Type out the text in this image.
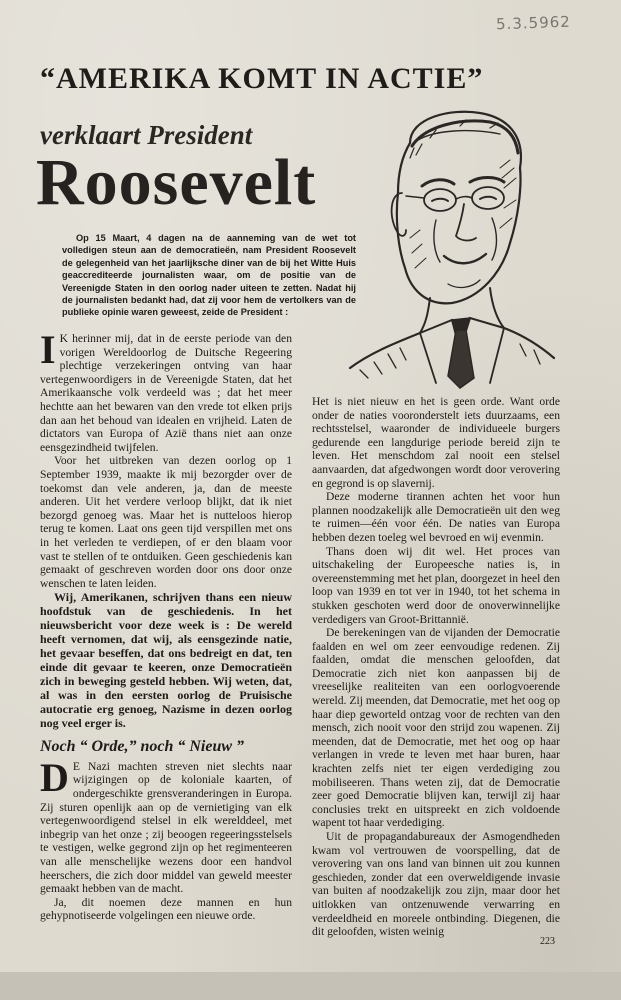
5.3.5962
“AMERIKA KOMT IN ACTIE”
verklaart President
Roosevelt
Op 15 Maart, 4 dagen na de aanneming van de wet tot volledigen steun aan de democratieën, nam President Roosevelt de gelegenheid van het jaarlijksche diner van de bij het Witte Huis geaccrediteerde journalisten waar, om de positie van de Vereenigde Staten in den oorlog nader uiteen te zetten. Nadat hij de journalisten bedankt had, dat zij voor hem de vertolkers van de publieke opinie waren geweest, zeide de President :

I K herinner mij, dat in de eerste periode van den vorigen Wereldoorlog de Duitsche Regeering plechtige verzekeringen ontving van haar vertegenwoordigers in de Vereenigde Staten, dat het Amerikaansche volk verdeeld was ; dat het meer hechtte aan het bewaren van den vrede tot elken prijs dan aan het behoud van idealen en vrijheid. Laten de dictators van Europa of Azië thans niet aan onze eensgezindheid twijfelen.

Voor het uitbreken van dezen oorlog op 1 September 1939, maakte ik mij bezorgder over de toekomst dan vele anderen, ja, dan de meeste anderen. Uit het verdere verloop blijkt, dat ik niet bezorgd genoeg was. Maar het is nutteloos hierop terug te komen. Laat ons geen tijd verspillen met ons in het verleden te verdiepen, of er den blaam voor vast te stellen of te ontduiken. Geen geschiedenis kan gemaakt of geschreven worden door ons door onze wenschen te laten leiden.

Wij, Amerikanen, schrijven thans een nieuw hoofdstuk van de geschiedenis. In het nieuwsbericht voor deze week is : De wereld heeft vernomen, dat wij, als eensgezinde natie, het gevaar beseffen, dat ons bedreigt en dat, ten einde dit gevaar te keeren, onze Democratieën zich in beweging gesteld hebben. Wij weten, dat, al was in den eersten oorlog de Pruisische autocratie erg genoeg, Nazisme in dezen oorlog nog veel erger is.

Noch “ Orde,” noch “ Nieuw ”

D E Nazi machten streven niet slechts naar wijzigingen op de koloniale kaarten, of ondergeschikte grensveranderingen in Europa. Zij sturen openlijk aan op de vernietiging van elk vertegenwoordigend stelsel in elk werelddeel, met inbegrip van het onze ; zij beoogen regeeringsstelsels te vestigen, welke gegrond zijn op het regimenteeren van alle menschelijke wezens door een handvol heerschers, die zich door middel van geweld meester gemaakt hebben van de macht.

Ja, dit noemen deze mannen en hun gehypnotiseerde volgelingen een nieuwe orde.

Het is niet nieuw en het is geen orde. Want orde onder de naties vooronderstelt iets duurzaams, een rechtsstelsel, waaronder de individueele burgers gedurende een langdurige periode bereid zijn te leven. Het menschdom zal nooit een stelsel aanvaarden, dat afgedwongen wordt door verovering en gegrond is op slavernij.

Deze moderne tirannen achten het voor hun plannen noodzakelijk alle Democratieën uit den weg te ruimen—één voor één. De naties van Europa hebben dezen toeleg wel bevroed en wij evenmin.

Thans doen wij dit wel. Het proces van uitschakeling der Europeesche naties is, in overeenstemming met het plan, doorgezet in heel den loop van 1939 en tot ver in 1940, tot het schema in stukken geschoten werd door de onoverwinnelijke verdedigers van Groot-Brittannië.

De berekeningen van de vijanden der Democratie faalden en wel om zeer eenvoudige redenen. Zij faalden, omdat die menschen geloofden, dat Democratie zich niet kon aanpassen bij de vreeselijke realiteiten van een oorlogvoerende wereld. Zij meenden, dat Democratie, met het oog op haar diep geworteld ontzag voor de rechten van den mensch, zich nooit voor den strijd zou wapenen. Zij meenden, dat de Democratie, met het oog op haar verlangen in vrede te leven met haar buren, haar krachten zelfs niet ter eigen verdediging zou mobiliseeren. Thans weten zij, dat de Democratie zeer goed Democratie blijven kan, terwijl zij haar conclusies trekt en uitspreekt en zich voldoende wapent tot haar verdediging.

Uit de propagandabureaux der Asmogendheden kwam vol vertrouwen de voorspelling, dat de verovering van ons land van binnen uit zou kunnen geschieden, zonder dat een overweldigende invasie van buiten af noodzakelijk zou zijn, maar door het uitlokken van ontzenuwende verwarring en verdeeldheid en moreele ontbinding. Diegenen, die dit geloofden, wisten weinig

223
